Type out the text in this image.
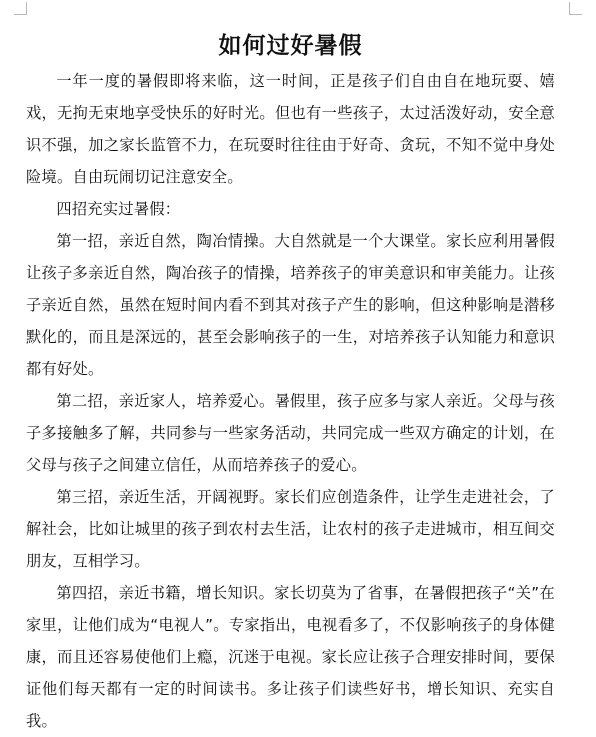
如何过好暑假

一年一度的暑假即将来临，这一时间，正是孩子们自由自在地玩耍、嬉戏，无拘无束地享受快乐的好时光。但也有一些孩子，太过活泼好动，安全意识不强，加之家长监管不力，在玩耍时往往由于好奇、贪玩，不知不觉中身处险境。自由玩闹切记注意安全。

四招充实过暑假：

第一招，亲近自然，陶冶情操。大自然就是一个大课堂。家长应利用暑假让孩子多亲近自然，陶冶孩子的情操，培养孩子的审美意识和审美能力。让孩子亲近自然，虽然在短时间内看不到其对孩子产生的影响，但这种影响是潜移默化的，而且是深远的，甚至会影响孩子的一生，对培养孩子认知能力和意识都有好处。

第二招，亲近家人，培养爱心。暑假里，孩子应多与家人亲近。父母与孩子多接触多了解，共同参与一些家务活动，共同完成一些双方确定的计划，在父母与孩子之间建立信任，从而培养孩子的爱心。

第三招，亲近生活，开阔视野。家长们应创造条件，让学生走进社会，了解社会，比如让城里的孩子到农村去生活，让农村的孩子走进城市，相互间交朋友，互相学习。

第四招，亲近书籍，增长知识。家长切莫为了省事，在暑假把孩子“关”在家里，让他们成为“电视人”。专家指出，电视看多了，不仅影响孩子的身体健康，而且还容易使他们上瘾，沉迷于电视。家长应让孩子合理安排时间，要保证他们每天都有一定的时间读书。多让孩子们读些好书，增长知识、充实自我。
